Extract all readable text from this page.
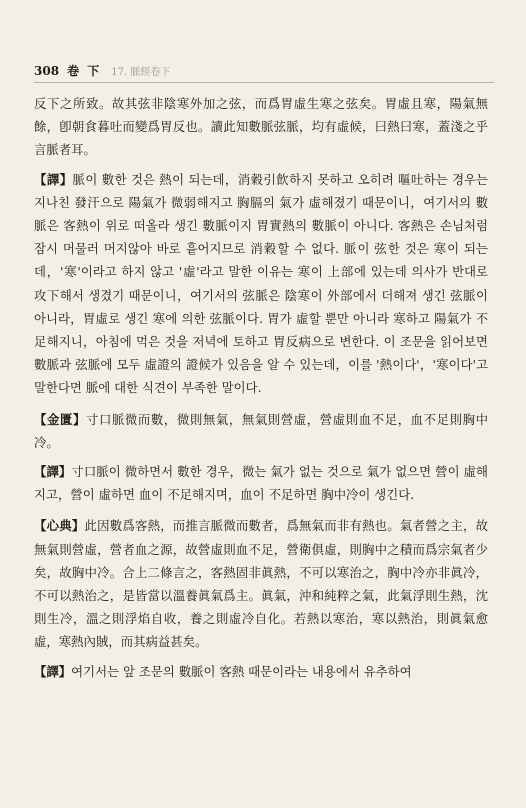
308 卷 下 17. 脈經卷下

反下之所致。故其弦非陰寒外加之弦，而爲胃虛生寒之弦矣。胃虛且寒，陽氣無餘，卽朝食暮吐而變爲胃反也。讀此知數脈弦脈，均有虛候，曰熱曰寒，蓋淺之乎言脈者耳。

【譯】脈이 數한 것은 熱이 되는데，消穀引飮하지 못하고 오히려 嘔吐하는 경우는 지나친 發汗으로 陽氣가 微弱해지고 胸膈의 氣가 虛해졌기 때문이니，여기서의 數脈은 客熱이 위로 떠올라 생긴 數脈이지 胃實熱의 數脈이 아니다. 客熱은 손님처럼 잠시 머물러 머지않아 바로 흩어지므로 消穀할 수 없다. 脈이 弦한 것은 寒이 되는데，'寒'이라고 하지 않고 '虛'라고 말한 이유는 寒이 上部에 있는데 의사가 반대로 攻下해서 생겼기 때문이니，여기서의 弦脈은 陰寒이 外部에서 더해져 생긴 弦脈이 아니라，胃虛로 생긴 寒에 의한 弦脈이다. 胃가 虛할 뿐만 아니라 寒하고 陽氣가 不足해지니，아침에 먹은 것을 저녁에 토하고 胃反病으로 변한다. 이 조문을 읽어보면 數脈과 弦脈에 모두 虛證의 證候가 있음을 알 수 있는데，이를 '熱이다'，'寒이다'고 말한다면 脈에 대한 식견이 부족한 말이다.

【金匱】寸口脈微而數，微則無氣，無氣則營虛，營虛則血不足，血不足則胸中冷。

【譯】寸口脈이 微하면서 數한 경우，微는 氣가 없는 것으로 氣가 없으면 營이 虛해지고，營이 虛하면 血이 不足해지며，血이 不足하면 胸中冷이 생긴다.

【心典】此因數爲客熱，而推言脈微而數者，爲無氣而非有熱也。氣者營之主，故無氣則營虛，營者血之源，故營虛則血不足，營衛俱虛，則胸中之積而爲宗氣者少矣，故胸中冷。合上二條言之，客熱固非眞熱，不可以寒治之，胸中冷亦非眞冷，不可以熱治之，是皆當以溫養眞氣爲主。眞氣，沖和純粹之氣，此氣浮則生熱，沈則生冷，溫之則浮焰自收，養之則虛冷自化。若熱以寒治，寒以熱治，則眞氣愈虛，寒熱內賊，而其病益甚矣。

【譯】여기서는 앞 조문의 數脈이 客熱 때문이라는 내용에서 유추하여
